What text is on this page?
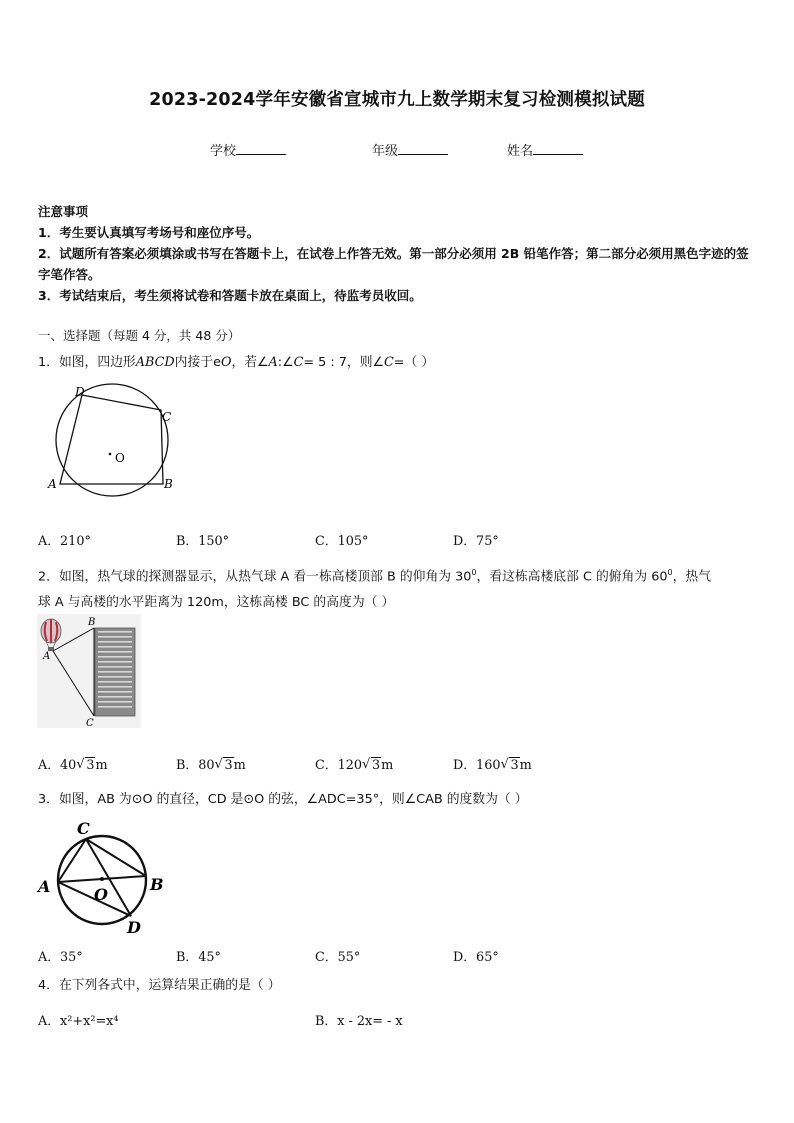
2023-2024学年安徽省宣城市九上数学期末复习检测模拟试题
学校	年级	姓名
注意事项
1．考生要认真填写考场号和座位序号。
2．试题所有答案必须填涂或书写在答题卡上，在试卷上作答无效。第一部分必须用 2B 铅笔作答；第二部分必须用黑色字迹的签字笔作答。
3．考试结束后，考生须将试卷和答题卡放在桌面上，待监考员收回。
一、选择题（每题 4 分，共 48 分）
1．如图，四边形ABCD内接于eO，若∠A:∠C= 5 : 7，则∠C=（ ）
O
D
C
A	B
A．210°	B．150°	C．105°	D．75°
2．如图，热气球的探测器显示，从热气球 A 看一栋高楼顶部 B 的仰角为 $30^0$，看这栋高楼底部 C 的俯角为 $60^0$，热气
球 A 与高楼的水平距离为 120m，这栋高楼 BC 的高度为（ ）
B
A
C
A．40 √ 3m	B．80 √ 3m	C．120 √ 3m	D．160 √ 3m
3．如图，AB 为⊙O 的直径，CD 是⊙O 的弦，∠ADC=35°，则∠CAB 的度数为（ ）
C
A	O
B
D
A．35°	B．45°	C．55°	D．65°
4．在下列各式中，运算结果正确的是（ ）
A．x²+x²=x⁴	B．x - 2x= - x
